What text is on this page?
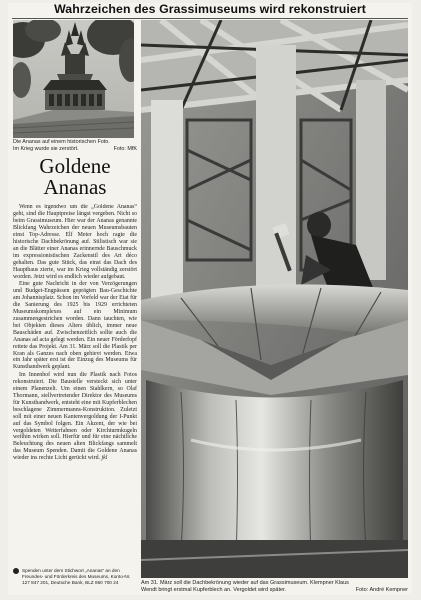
Wahrzeichen des Grassimuseums wird rekonstruiert
Die Ananas auf einem historischen Foto.
Im Krieg wurde sie zerstört.	Foto: MfK
Goldene
Ananas

Wenn es irgendwo um die „Goldene Ananas“ geht, sind die Hauptpreise längst vergeben. Nicht so beim Grassimuseum. Hier war der Ananas genannte Blickfang Wahrzeichen der neuen Museumsbauten einst Top-Adresse. Elf Meter hoch ragte die historische Dachbekrönung auf. Stilistisch war sie an die Blätter einer Ananas erinnernde Bauschmuck im expressionistischen Zackenstil des Art déco gehalten. Das gute Stück, das einst das Dach des Hauptbaus zierte, war im Krieg vollständig zerstört worden. Jetzt wird es endlich wieder aufgebaut.

Eine gute Nachricht in der von Verzögerungen und Budget-Engpässen geprägten Bau-Geschichte am Johannisplatz. Schon im Vorfeld war der Etat für die Sanierung des 1925 bis 1929 errichteten Museumskomplexes auf ein Minimum zusammengestrichen worden. Dann tauchten, wie bei Objekten dieses Alters üblich, immer neue Bauschäden auf. Zwischenzeitlich sollte auch die Ananas ad acta gelegt werden. Ein neuer Förderfopf rettete das Projekt. Am 31. März soll die Plastik per Kran als Ganzes nach oben gehievt werden. Etwa ein Jahr später erst ist der Einzug des Museums für Kunsthandwerk geplant.

Im Innenhof wird nun die Plastik nach Fotos rekonstruiert. Die Baustelle versteckt sich unter einem Planenzelt. Um einen Stahlkern, so Olaf Thormann, stellvertretender Direktor des Museums für Kunsthandwerk, entsteht eine mit Kupferblechen beschlagene Zimmermanns-Konstruktion. Zuletzt soll mit einer neuen Kantenvergoldung der I-Punkt auf das Symbol folgen. Ein Akzent, der wie bei vergoldeten Wetterfahnen oder Kirchturmkugeln weithin wirken soll. Hierfür und für eine nächtliche Beleuchtung des neuen alten Blickfangs sammelt das Museum Spenden. Damit die Goldene Ananas wieder ins rechte Licht gerückt wird. jkl

Spenden unter dem Stichwort „Ananas“ an den Freundes- und Förderkreis des Museums, Konto-Nr. 127 847 201, Deutsche Bank, BLZ 860 700 24	Am 31. März soll die Dachbekrönung wieder auf das Grassimuseum. Klempner Klaus
Wendt bringt erstmal Kupferblech an. Vergoldet wird später.	Foto: André Kempner
